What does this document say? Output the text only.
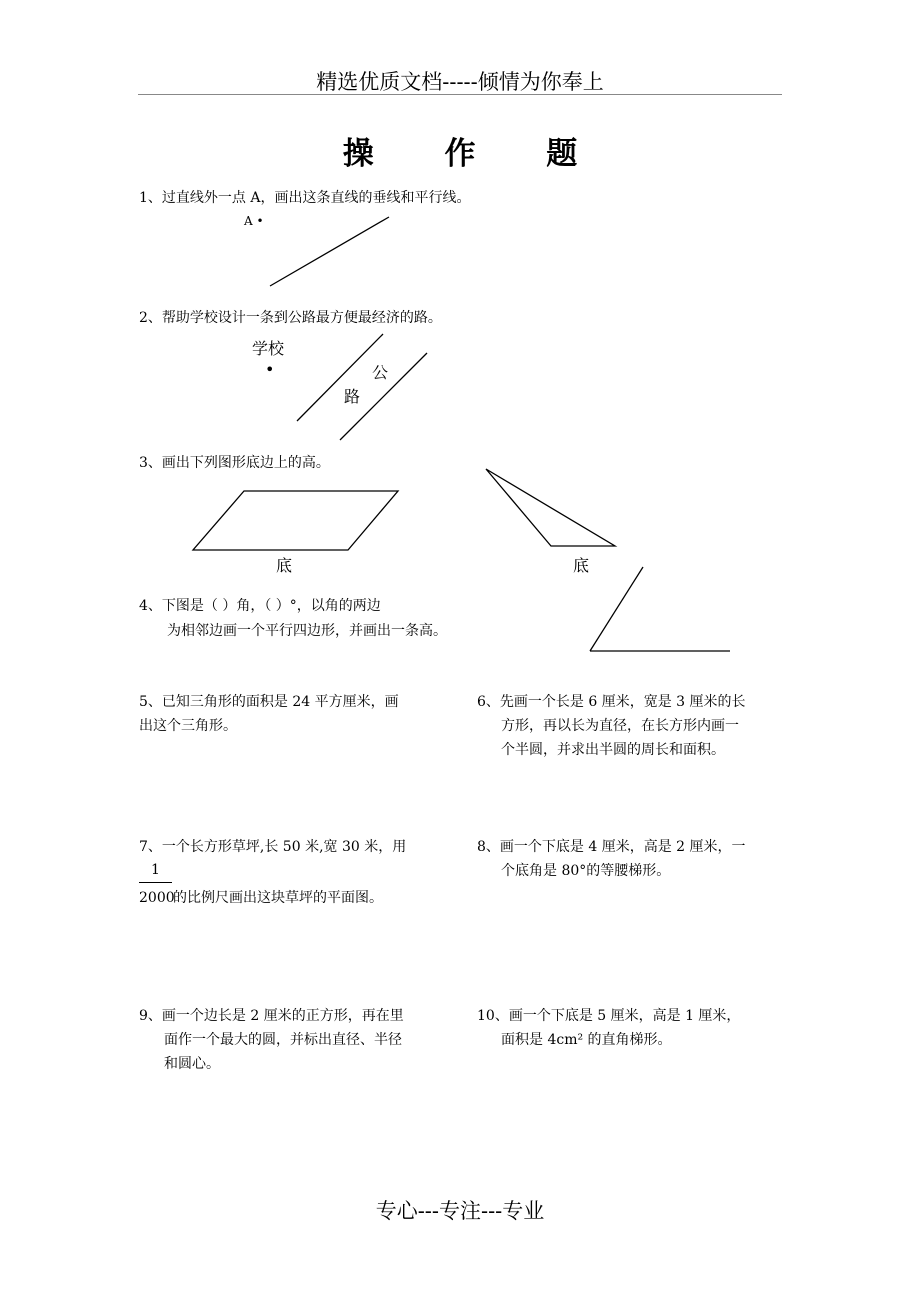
精选优质文档-----倾情为你奉上
操 作 题
1、过直线外一点 A，画出这条直线的垂线和平行线。
A •
2、帮助学校设计一条到公路最方便最经济的路。
学校
•	公
路
3、画出下列图形底边上的高。
底	底
4、下图是（ ）角，（ ）°，以角的两边
为相邻边画一个平行四边形，并画出一条高。
5、已知三角形的面积是 24 平方厘米，画
出这个三角形。
6、先画一个长是 6 厘米，宽是 3 厘米的长
方形，再以长为直径，在长方形内画一
个半圆，并求出半圆的周长和面积。
7、一个长方形草坪,长 50 米,宽 30 米，用
1
2000
的比例尺画出这块草坪的平面图。
8、画一个下底是 4 厘米，高是 2 厘米，一
个底角是 80°的等腰梯形。
9、画一个边长是 2 厘米的正方形，再在里
面作一个最大的圆，并标出直径、半径
和圆心。
10、画一个下底是 5 厘米，高是 1 厘米，
面积是 4cm² 的直角梯形。
专心---专注---专业
